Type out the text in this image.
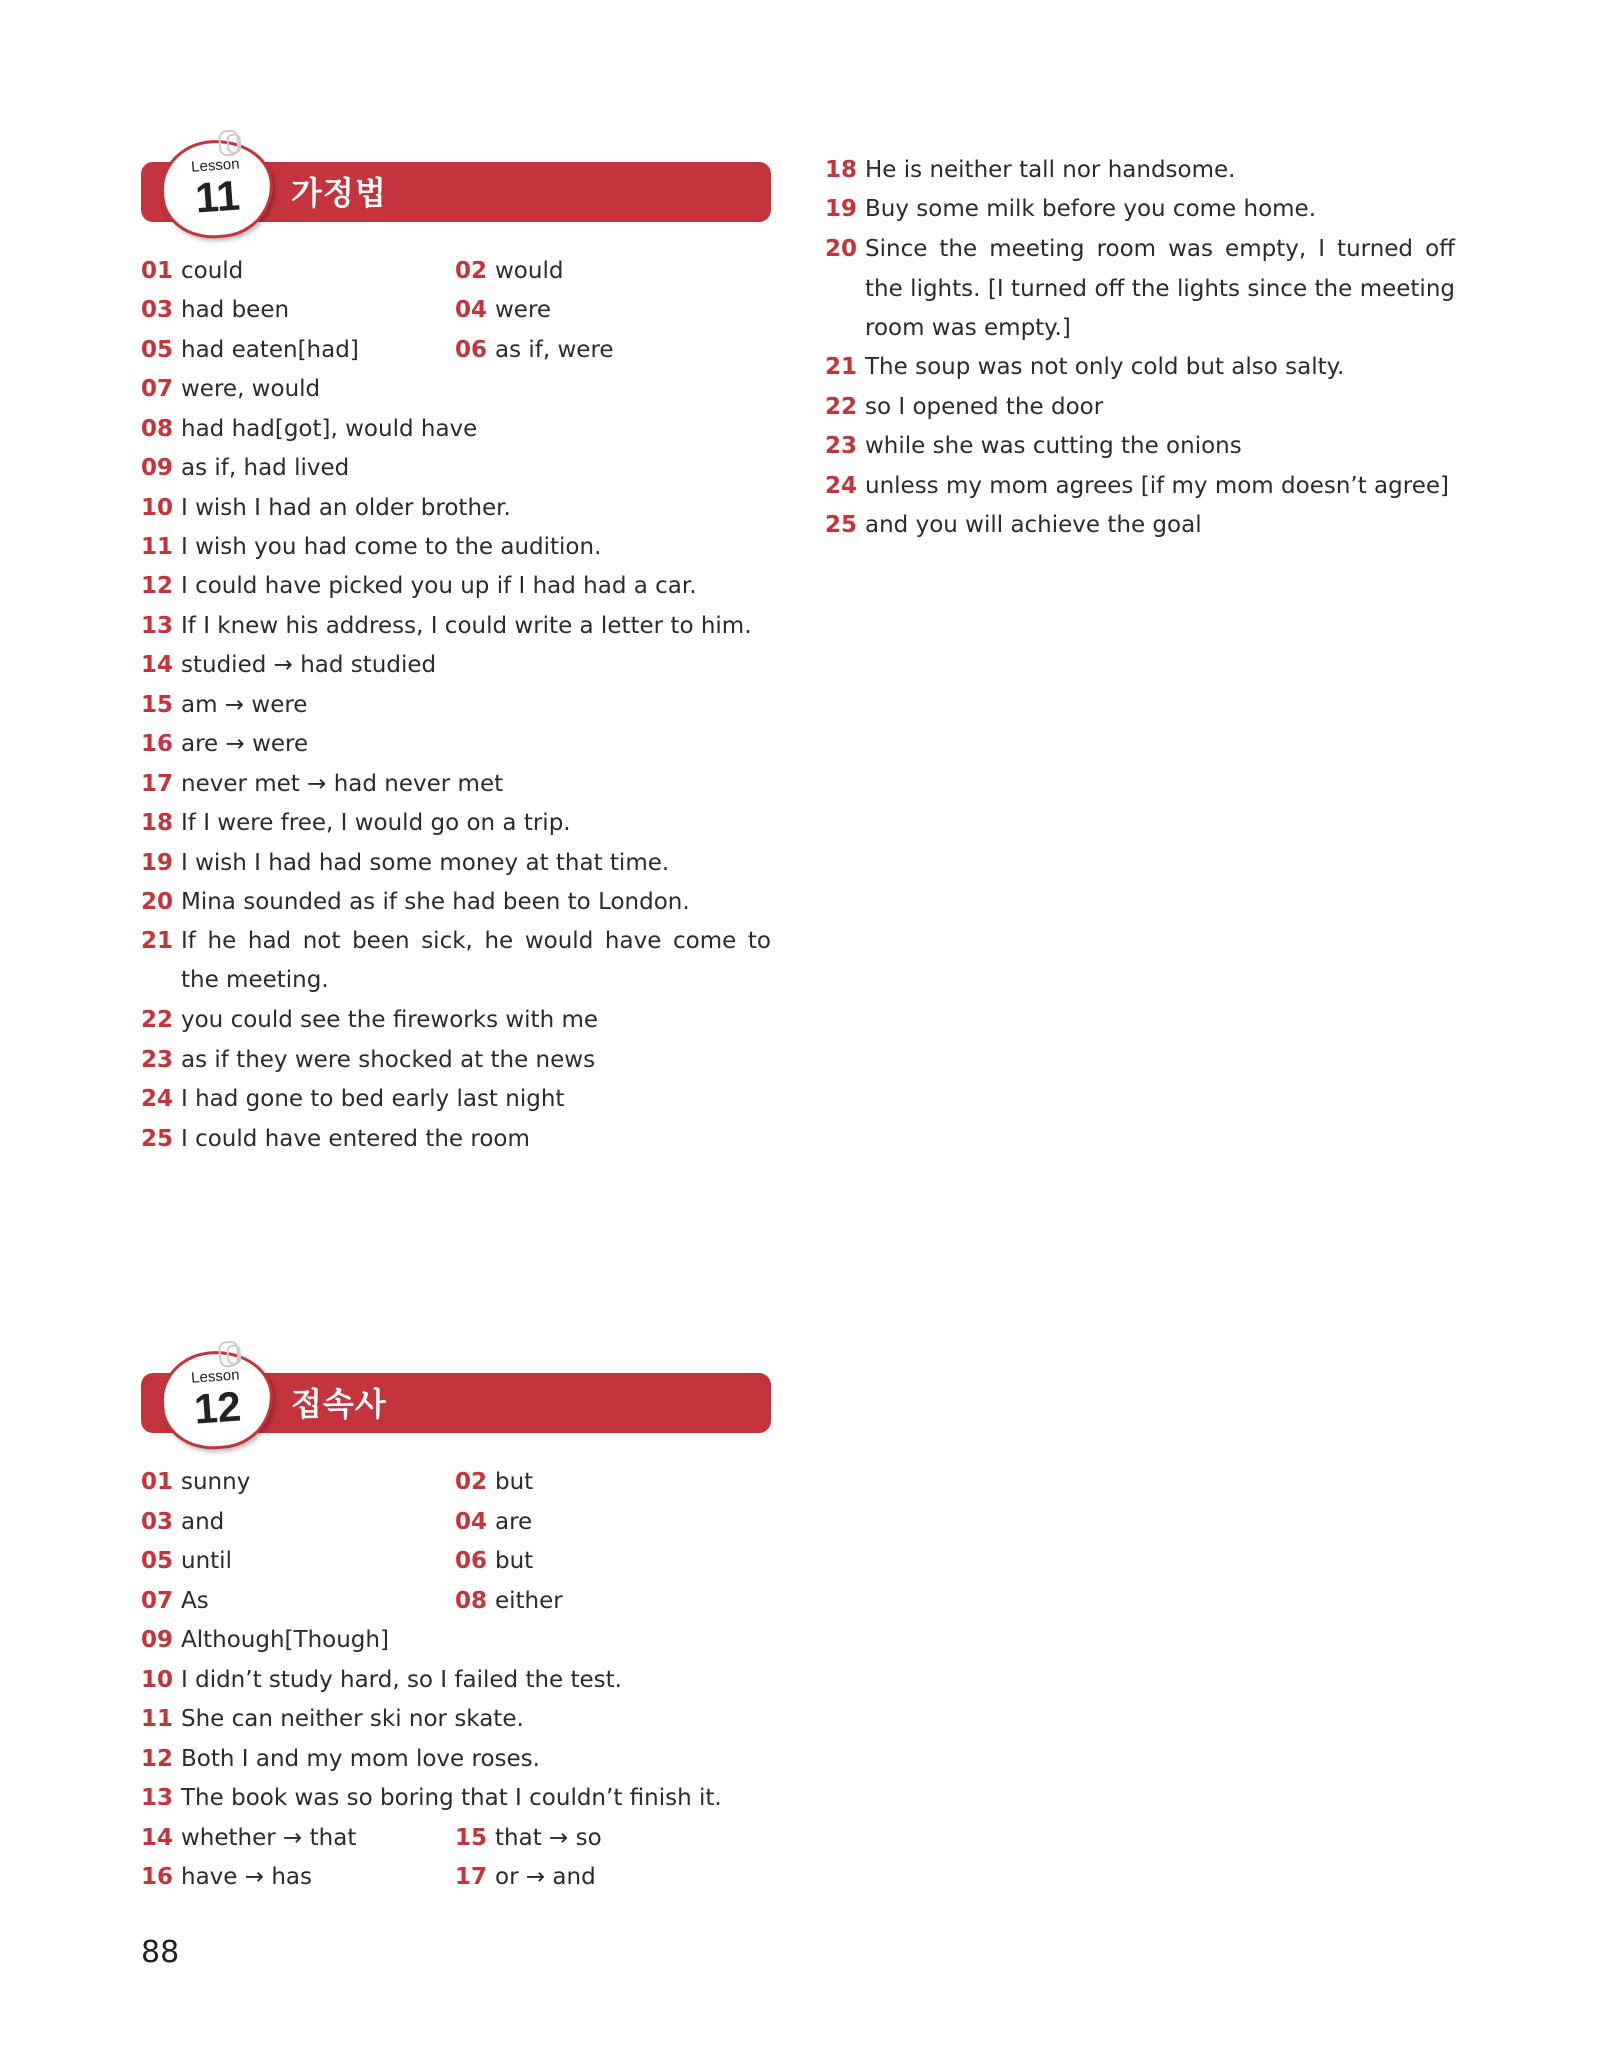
Lesson
11	가정법
01 could	02 would
03 had been	04 were
05 had eaten[had]	06 as if, were
07 were, would
08 had had[got], would have
09 as if, had lived
10 I wish I had an older brother.
11 I wish you had come to the audition.
12 I could have picked you up if I had had a car.
13 If I knew his address, I could write a letter to him.
14 studied → had studied
15 am → were
16 are → were
17 never met → had never met
18 If I were free, I would go on a trip.
19 I wish I had had some money at that time.
20 Mina sounded as if she had been to London.
21 If he had not been sick, he would have come to the meeting.
22 you could see the fireworks with me
23 as if they were shocked at the news
24 I had gone to bed early last night
25 I could have entered the room
Lesson
12	접속사
01 sunny	02 but
03 and	04 are
05 until	06 but
07 As	08 either
09 Although[Though]
10 I didn’t study hard, so I failed the test.
11 She can neither ski nor skate.
12 Both I and my mom love roses.
13 The book was so boring that I couldn’t finish it.
14 whether → that	15 that → so
16 have → has	17 or → and
18 He is neither tall nor handsome.
19 Buy some milk before you come home.
20 Since the meeting room was empty, I turned off the lights. [I turned off the lights since the meeting room was empty.]
21 The soup was not only cold but also salty.
22 so I opened the door
23 while she was cutting the onions
24 unless my mom agrees [if my mom doesn’t agree]
25 and you will achieve the goal
88
